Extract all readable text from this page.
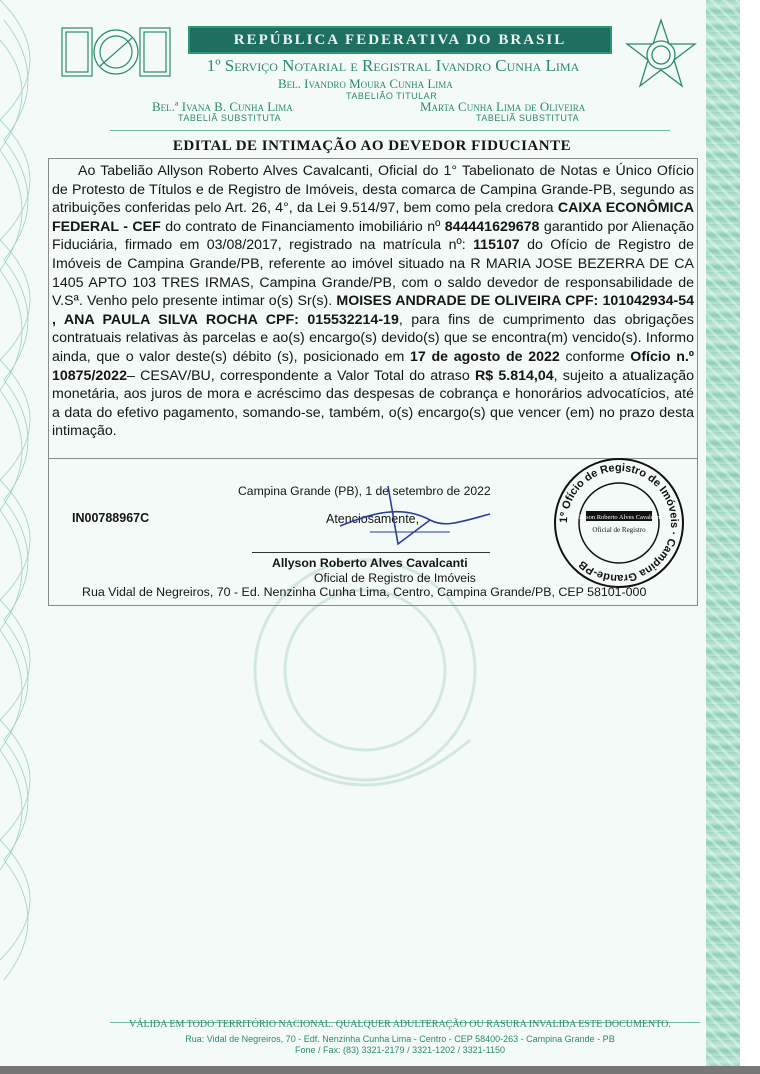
REPÚBLICA FEDERATIVA DO BRASIL
1º Serviço Notarial e Registral Ivandro Cunha Lima
Bel. Ivandro Moura Cunha Lima
TABELIÃO TITULAR
Bel.ª Ivana B. Cunha Lima
TABELIÃ SUBSTITUTA
Marta Cunha Lima de Oliveira
TABELIÃ SUBSTITUTA
EDITAL DE INTIMAÇÃO AO DEVEDOR FIDUCIANTE
Ao Tabelião Allyson Roberto Alves Cavalcanti, Oficial do 1° Tabelionato de Notas e Único Ofício de Protesto de Títulos e de Registro de Imóveis, desta comarca de Campina Grande-PB, segundo as atribuições conferidas pelo Art. 26, 4°, da Lei 9.514/97, bem como pela credora CAIXA ECONÔMICA FEDERAL - CEF do contrato de Financiamento imobiliário nº 844441629678 garantido por Alienação Fiduciária, firmado em 03/08/2017, registrado na matrícula nº: 115107 do Ofício de Registro de Imóveis de Campina Grande/PB, referente ao imóvel situado na R MARIA JOSE BEZERRA DE CA 1405 APTO 103 TRES IRMAS, Campina Grande/PB, com o saldo devedor de responsabilidade de V.Sª. Venho pelo presente intimar o(s) Sr(s). MOISES ANDRADE DE OLIVEIRA CPF: 101042934-54 , ANA PAULA SILVA ROCHA CPF: 015532214-19, para fins de cumprimento das obrigações contratuais relativas às parcelas e ao(s) encargo(s) devido(s) que se encontra(m) vencido(s). Informo ainda, que o valor deste(s) débito (s), posicionado em 17 de agosto de 2022 conforme Ofício n.º 10875/2022– CESAV/BU, correspondente a Valor Total do atraso R$ 5.814,04, sujeito a atualização monetária, aos juros de mora e acréscimo das despesas de cobrança e honorários advocatícios, até a data do efetivo pagamento, somando-se, também, o(s) encargo(s) que vencer (em) no prazo desta intimação.
Campina Grande (PB), 1 de setembro de 2022
IN00788967C	Atenciosamente,
Allyson Roberto Alves Cavalcanti
Oficial de Registro de Imóveis
Rua Vidal de Negreiros, 70 - Ed. Nenzinha Cunha Lima, Centro, Campina Grande/PB, CEP 58101-000
1º Ofício de Registro de Imóveis · Campina Grande-PB
Allyson Roberto Alves Cavalcanti
Oficial de Registro
VÁLIDA EM TODO TERRITÓRIO NACIONAL. QUALQUER ADULTERAÇÃO OU RASURA INVALIDA ESTE DOCUMENTO.
Rua: Vidal de Negreiros, 70 - Edf. Nenzinha Cunha Lima - Centro - CEP 58400-263 - Campina Grande - PB
Fone / Fax: (83) 3321-2179 / 3321-1202 / 3321-1150
